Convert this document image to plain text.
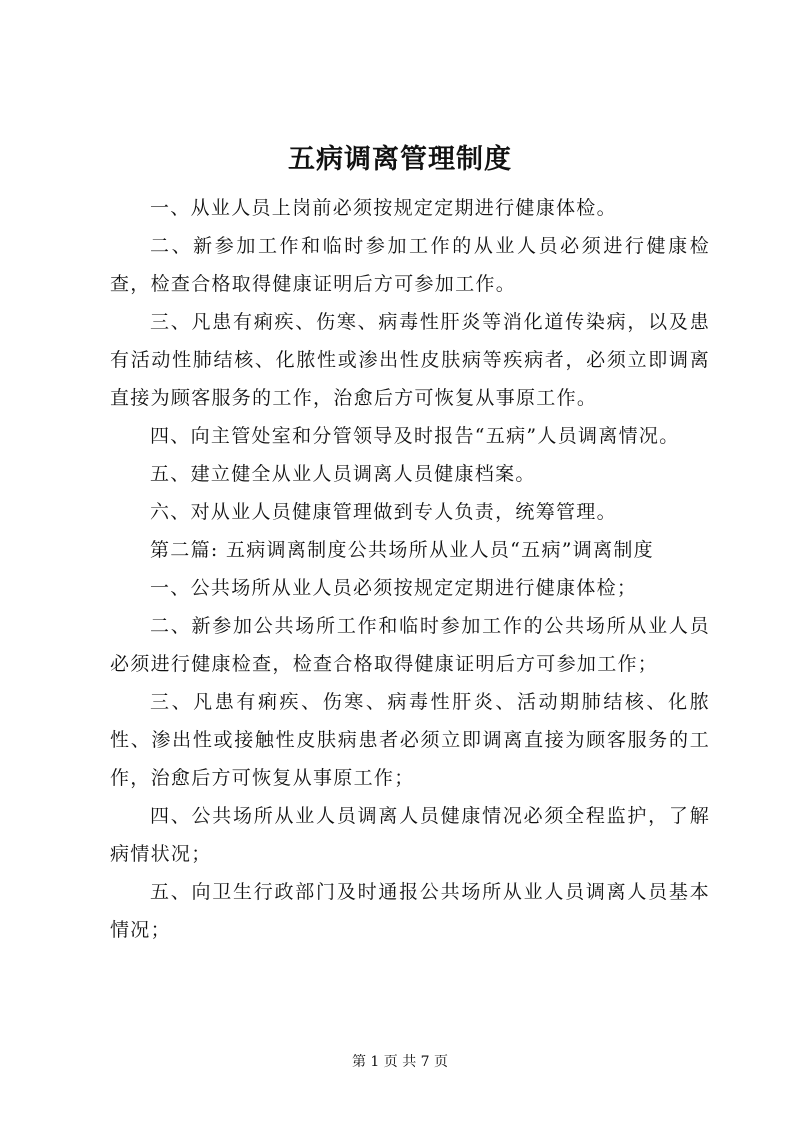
五病调离管理制度

一、从业人员上岗前必须按规定定期进行健康体检。

二、新参加工作和临时参加工作的从业人员必须进行健康检查，检查合格取得健康证明后方可参加工作。

三、凡患有痢疾、伤寒、病毒性肝炎等消化道传染病，以及患有活动性肺结核、化脓性或渗出性皮肤病等疾病者，必须立即调离直接为顾客服务的工作，治愈后方可恢复从事原工作。

四、向主管处室和分管领导及时报告“五病”人员调离情况。

五、建立健全从业人员调离人员健康档案。

六、对从业人员健康管理做到专人负责，统筹管理。

第二篇: 五病调离制度公共场所从业人员“五病”调离制度

一、公共场所从业人员必须按规定定期进行健康体检；

二、新参加公共场所工作和临时参加工作的公共场所从业人员必须进行健康检查，检查合格取得健康证明后方可参加工作；

三、凡患有痢疾、伤寒、病毒性肝炎、活动期肺结核、化脓性、渗出性或接触性皮肤病患者必须立即调离直接为顾客服务的工作，治愈后方可恢复从事原工作；

四、公共场所从业人员调离人员健康情况必须全程监护，了解病情状况；

五、向卫生行政部门及时通报公共场所从业人员调离人员基本情况；

第 1 页 共 7 页
